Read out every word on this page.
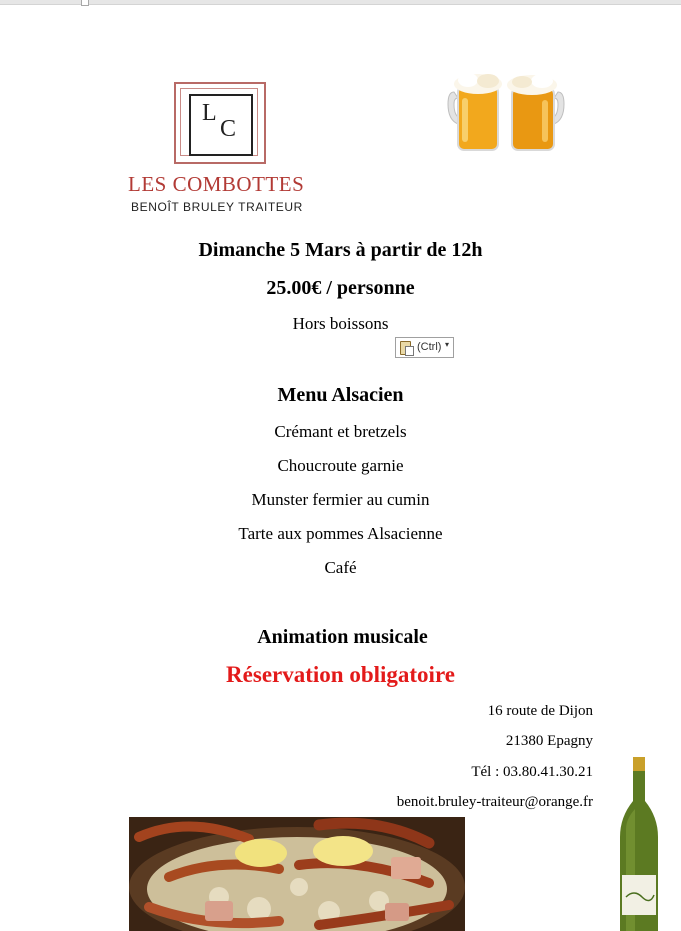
L
C
LES COMBOTTES
BENOÎT BRULEY TRAITEUR
Dimanche 5 Mars à partir de 12h
25.00€ / personne
Hors boissons
(Ctrl) ▾
Menu Alsacien
Crémant et bretzels
Choucroute garnie
Munster fermier au cumin
Tarte aux pommes Alsacienne
Café
Animation musicale
Réservation obligatoire
16 route de Dijon
21380 Epagny
Tél : 03.80.41.30.21
benoit.bruley-traiteur@orange.fr
